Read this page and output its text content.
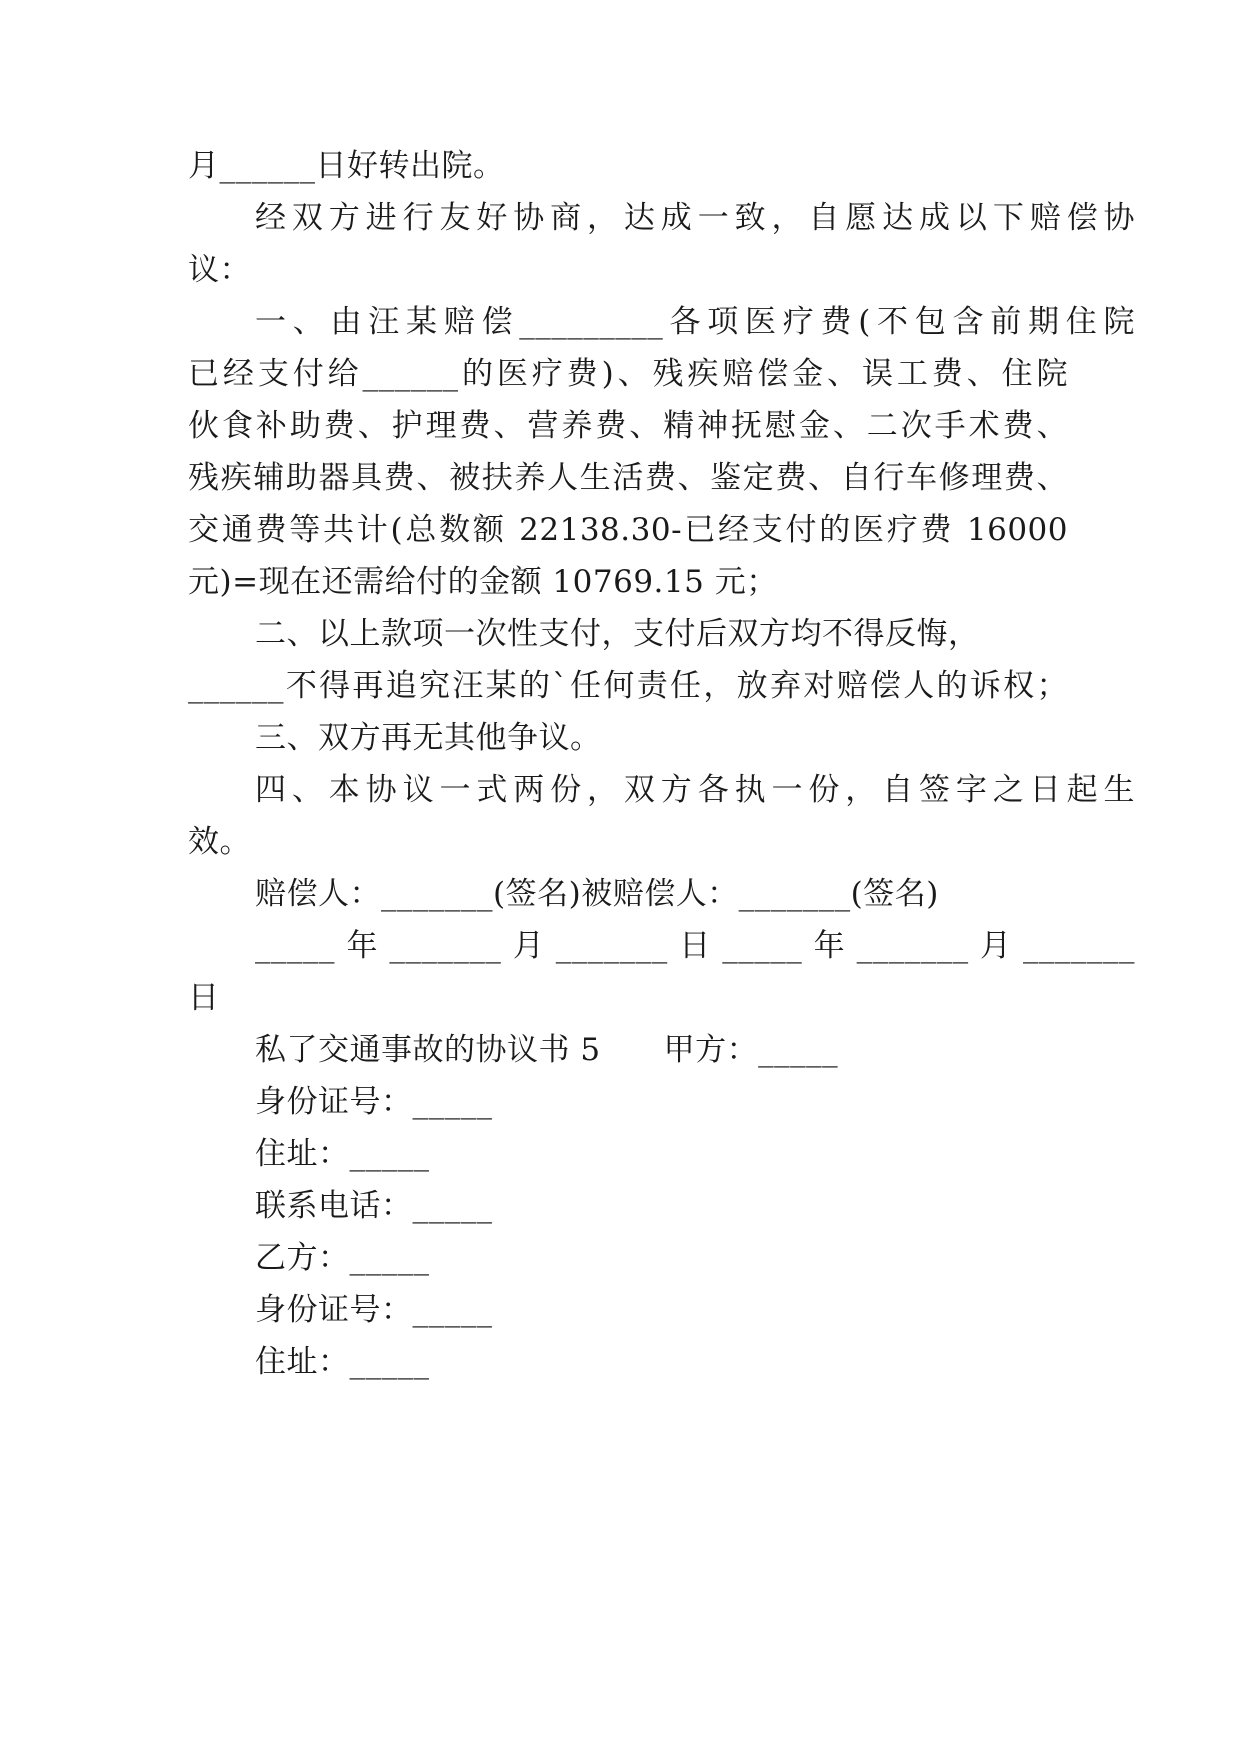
月______日好转出院。
经双方进行友好协商，达成一致，自愿达成以下赔偿协
议：
一、由汪某赔偿_________各项医疗费(不包含前期住院
已经支付给______的医疗费)、残疾赔偿金、误工费、住院
伙食补助费、护理费、营养费、精神抚慰金、二次手术费、
残疾辅助器具费、被扶养人生活费、鉴定费、自行车修理费、
交通费等共计(总数额 22138.30-已经支付的医疗费 16000
元)=现在还需给付的金额 10769.15 元；
二、以上款项一次性支付，支付后双方均不得反悔，
______不得再追究汪某的`任何责任，放弃对赔偿人的诉权；
三、双方再无其他争议。
四、本协议一式两份，双方各执一份，自签字之日起生
效。
赔偿人：_______(签名)被赔偿人：_______(签名)
_____年_______月_______日_____年_______月_______
日
私了交通事故的协议书 5　　甲方：_____
身份证号：_____
住址：_____
联系电话：_____
乙方：_____
身份证号：_____
住址：_____
